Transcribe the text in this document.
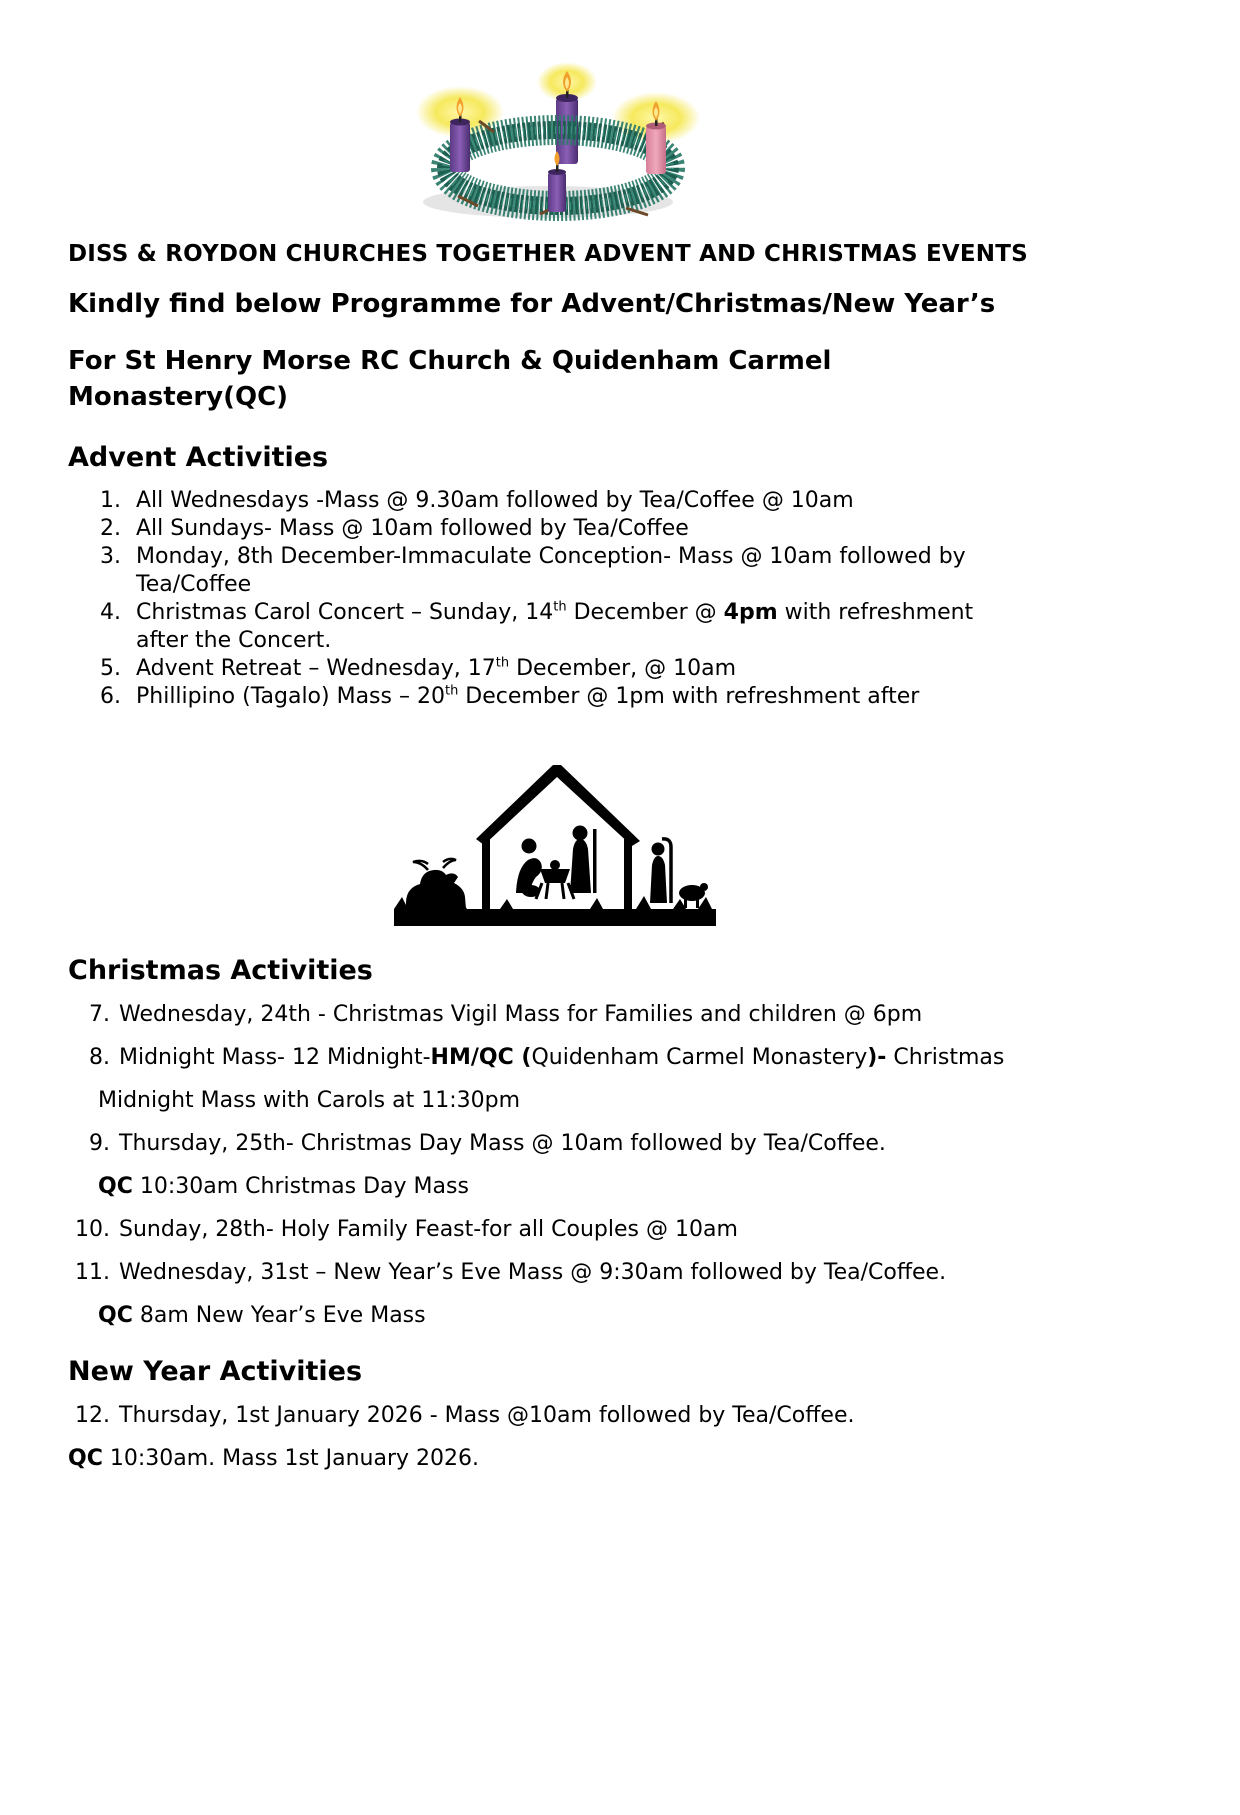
DISS & ROYDON CHURCHES TOGETHER ADVENT AND CHRISTMAS EVENTS

Kindly find below Programme for Advent/Christmas/New Year’s

For St Henry Morse RC Church & Quidenham Carmel
Monastery(QC)

Advent Activities

1. All Wednesdays -Mass @ 9.30am followed by Tea/Coffee @ 10am

2. All Sundays- Mass @ 10am followed by Tea/Coffee

3. Monday, 8th December-Immaculate Conception- Mass @ 10am followed by Tea/Coffee

4. Christmas Carol Concert – Sunday, 14th December @ 4pm with refreshment after the Concert.

5. Advent Retreat – Wednesday, 17th December, @ 10am

6. Phillipino (Tagalo) Mass – 20th December @ 1pm with refreshment after

Christmas Activities

7. Wednesday, 24th - Christmas Vigil Mass for Families and children @ 6pm

8. Midnight Mass- 12 Midnight-HM/QC (Quidenham Carmel Monastery)- Christmas

Midnight Mass with Carols at 11:30pm

9. Thursday, 25th- Christmas Day Mass @ 10am followed by Tea/Coffee.

QC 10:30am Christmas Day Mass

10. Sunday, 28th- Holy Family Feast-for all Couples @ 10am

11. Wednesday, 31st – New Year’s Eve Mass @ 9:30am followed by Tea/Coffee.

QC 8am New Year’s Eve Mass

New Year Activities

12. Thursday, 1st January 2026 - Mass @10am followed by Tea/Coffee.

QC 10:30am. Mass 1st January 2026.
